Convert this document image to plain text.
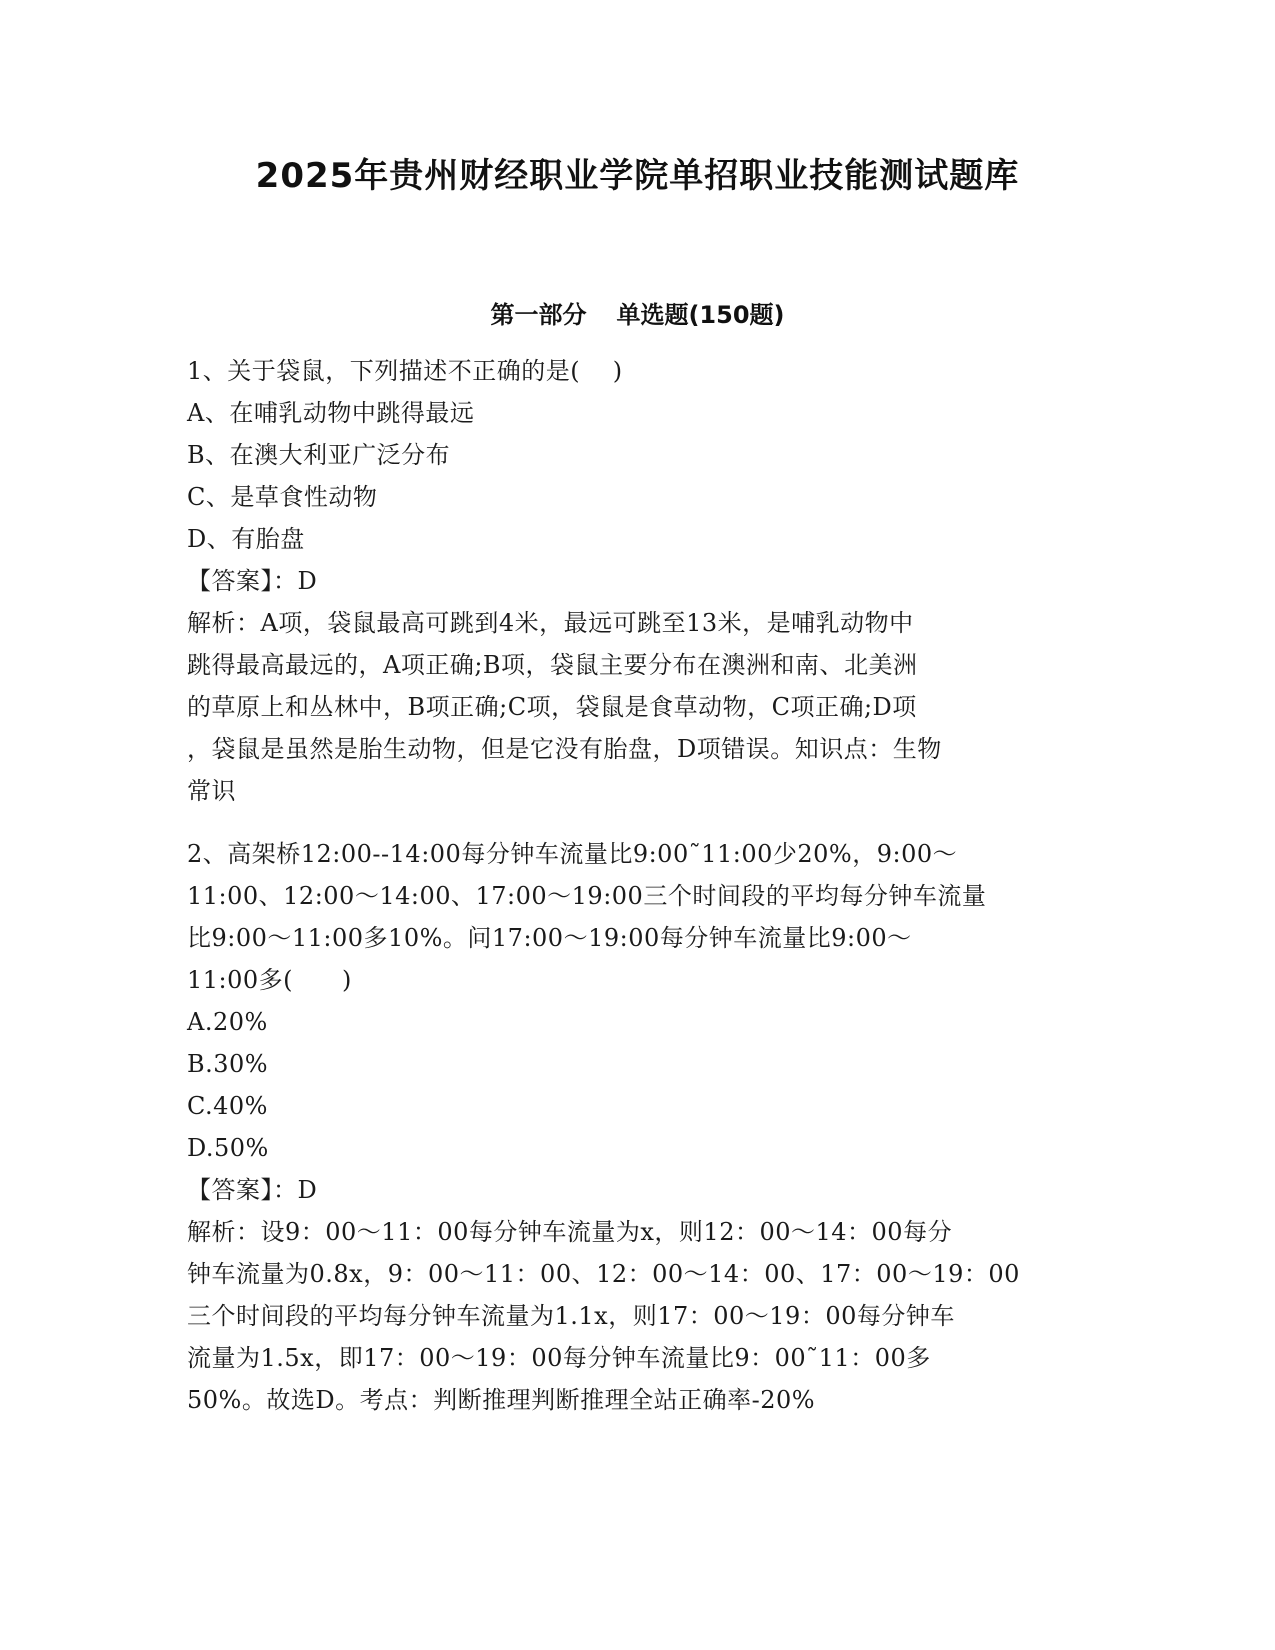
2025年贵州财经职业学院单招职业技能测试题库
第一部分 单选题(150题)
1、关于袋鼠，下列描述不正确的是(　 )
A、在哺乳动物中跳得最远
B、在澳大利亚广泛分布
C、是草食性动物
D、有胎盘
【答案】：D
解析：A项，袋鼠最高可跳到4米，最远可跳至13米，是哺乳动物中
跳得最高最远的，A项正确;B项，袋鼠主要分布在澳洲和南、北美洲
的草原上和丛林中，B项正确;C项，袋鼠是食草动物，C项正确;D项
，袋鼠是虽然是胎生动物，但是它没有胎盘，D项错误。知识点：生物
常识
2、高架桥12:00--14:00每分钟车流量比9:00˜11:00少20%，9:00～
11:00、12:00～14:00、17:00～19:00三个时间段的平均每分钟车流量
比9:00～11:00多10%。问17:00～19:00每分钟车流量比9:00～
11:00多(　　)
A.20%
B.30%
C.40%
D.50%
【答案】：D
解析：设9：00～11：00每分钟车流量为x，则12：00～14：00每分
钟车流量为0.8x，9：00～11：00、12：00～14：00、17：00～19：00
三个时间段的平均每分钟车流量为1.1x，则17：00～19：00每分钟车
流量为1.5x，即17：00～19：00每分钟车流量比9：00˜11：00多
50%。故选D。考点：判断推理判断推理全站正确率-20%
